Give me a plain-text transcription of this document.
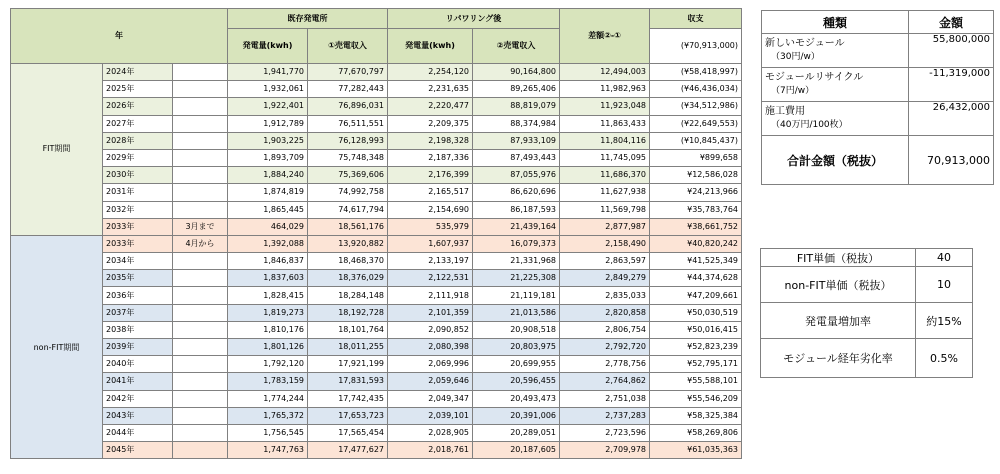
年			既存発電所		リパワリング後		差額②-①	収支
			発電量(kwh)	①売電収入	発電量(kwh)	②売電収入		(¥70,913,000)
FIT期間	2024年		1,941,770	77,670,797	2,254,120	90,164,800	12,494,003	(¥58,418,997)
	2025年		1,932,061	77,282,443	2,231,635	89,265,406	11,982,963	(¥46,436,034)
	2026年		1,922,401	76,896,031	2,220,477	88,819,079	11,923,048	(¥34,512,986)
	2027年		1,912,789	76,511,551	2,209,375	88,374,984	11,863,433	(¥22,649,553)
	2028年		1,903,225	76,128,993	2,198,328	87,933,109	11,804,116	(¥10,845,437)
	2029年		1,893,709	75,748,348	2,187,336	87,493,443	11,745,095	¥899,658
	2030年		1,884,240	75,369,606	2,176,399	87,055,976	11,686,370	¥12,586,028
	2031年		1,874,819	74,992,758	2,165,517	86,620,696	11,627,938	¥24,213,966
	2032年		1,865,445	74,617,794	2,154,690	86,187,593	11,569,798	¥35,783,764
	2033年	3月まで	464,029	18,561,176	535,979	21,439,164	2,877,987	¥38,661,752
non-FIT期間	2033年	4月から	1,392,088	13,920,882	1,607,937	16,079,373	2,158,490	¥40,820,242
	2034年		1,846,837	18,468,370	2,133,197	21,331,968	2,863,597	¥41,525,349
	2035年		1,837,603	18,376,029	2,122,531	21,225,308	2,849,279	¥44,374,628
	2036年		1,828,415	18,284,148	2,111,918	21,119,181	2,835,033	¥47,209,661
	2037年		1,819,273	18,192,728	2,101,359	21,013,586	2,820,858	¥50,030,519
	2038年		1,810,176	18,101,764	2,090,852	20,908,518	2,806,754	¥50,016,415
	2039年		1,801,126	18,011,255	2,080,398	20,803,975	2,792,720	¥52,823,239
	2040年		1,792,120	17,921,199	2,069,996	20,699,955	2,778,756	¥52,795,171
	2041年		1,783,159	17,831,593	2,059,646	20,596,455	2,764,862	¥55,588,101
	2042年		1,774,244	17,742,435	2,049,347	20,493,473	2,751,038	¥55,546,209
	2043年		1,765,372	17,653,723	2,039,101	20,391,006	2,737,283	¥58,325,384
	2044年		1,756,545	17,565,454	2,028,905	20,289,051	2,723,596	¥58,269,806
	2045年		1,747,763	17,477,627	2,018,761	20,187,605	2,709,978	¥61,035,363
種類	金額
新しいモジュール
（30円/w）	55,800,000
モジュールリサイクル
（7円/w）	-11,319,000
施工費用
（40万円/100枚）	26,432,000
合計金額（税抜）	70,913,000
FIT単価（税抜）	40
non-FIT単価（税抜）	10
発電量増加率	約15%
モジュール経年劣化率	0.5%
